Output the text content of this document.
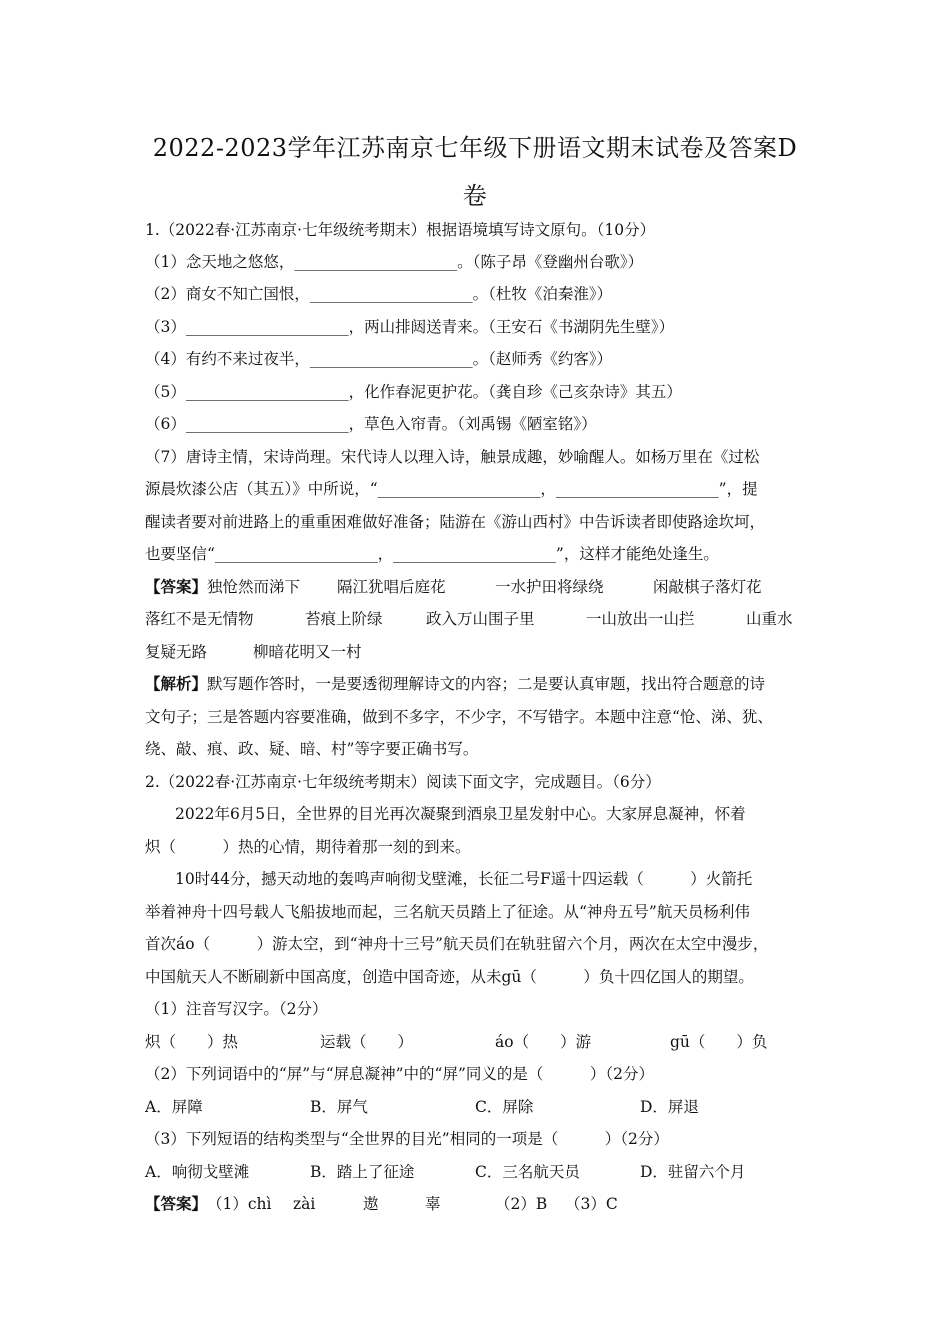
2022-2023学年江苏南京七年级下册语文期末试卷及答案D
卷
1.（2022春·江苏南京·七年级统考期末）根据语境填写诗文原句。（10分）
（1）念天地之悠悠，_____________________。（陈子昂《登幽州台歌》）
（2）商女不知亡国恨，_____________________。（杜牧《泊秦淮》）
（3）_____________________，两山排闼送青来。（王安石《书湖阴先生壁》）
（4）有约不来过夜半，_____________________。（赵师秀《约客》）
（5）_____________________，化作春泥更护花。（龚自珍《己亥杂诗》其五）
（6）_____________________，草色入帘青。（刘禹锡《陋室铭》）
（7）唐诗主情，宋诗尚理。宋代诗人以理入诗，触景成趣，妙喻醒人。如杨万里在《过松
源晨炊漆公店（其五）》中所说，“_____________________，_____________________”，提
醒读者要对前进路上的重重困难做好准备；陆游在《游山西村》中告诉读者即使路途坎坷，
也要坚信“_____________________，_____________________”，这样才能绝处逢生。
【答案】独怆然而涕下 隔江犹唱后庭花	一水护田将绿绕	闲敲棋子落灯花
落红不是无情物	苔痕上阶绿	政入万山围子里	一山放出一山拦	山重水
复疑无路	柳暗花明又一村
【解析】默写题作答时，一是要透彻理解诗文的内容；二是要认真审题，找出符合题意的诗
文句子；三是答题内容要准确，做到不多字，不少字，不写错字。本题中注意“怆、涕、犹、
绕、敲、痕、政、疑、暗、村”等字要正确书写。
2.（2022春·江苏南京·七年级统考期末）阅读下面文字，完成题目。（6分）
2022年6月5日，全世界的目光再次凝聚到酒泉卫星发射中心。大家屏息凝神，怀着
炽（　　　）热的心情，期待着那一刻的到来。
10时44分，撼天动地的轰鸣声响彻戈壁滩，长征二号F遥十四运载（　　　）火箭托
举着神舟十四号载人飞船拔地而起，三名航天员踏上了征途。从“神舟五号”航天员杨利伟
首次áo（　　　）游太空，到“神舟十三号”航天员们在轨驻留六个月，两次在太空中漫步，
中国航天人不断刷新中国高度，创造中国奇迹，从未gū（　　　）负十四亿国人的期望。
（1）注音写汉字。（2分）
炽（　　）热	运载（　　）	áo（　　）游	gū（　　）负
（2）下列词语中的“屏”与“屏息凝神”中的“屏”同义的是（　　　）（2分）
A．屏障	B．屏气	C．屏除	D．屏退
（3）下列短语的结构类型与“全世界的目光”相同的一项是（　　　）（2分）
A．响彻戈壁滩	B．踏上了征途	C．三名航天员	D．驻留六个月
【答案】（1）chì zài	遨	辜	（2）B （3）C
